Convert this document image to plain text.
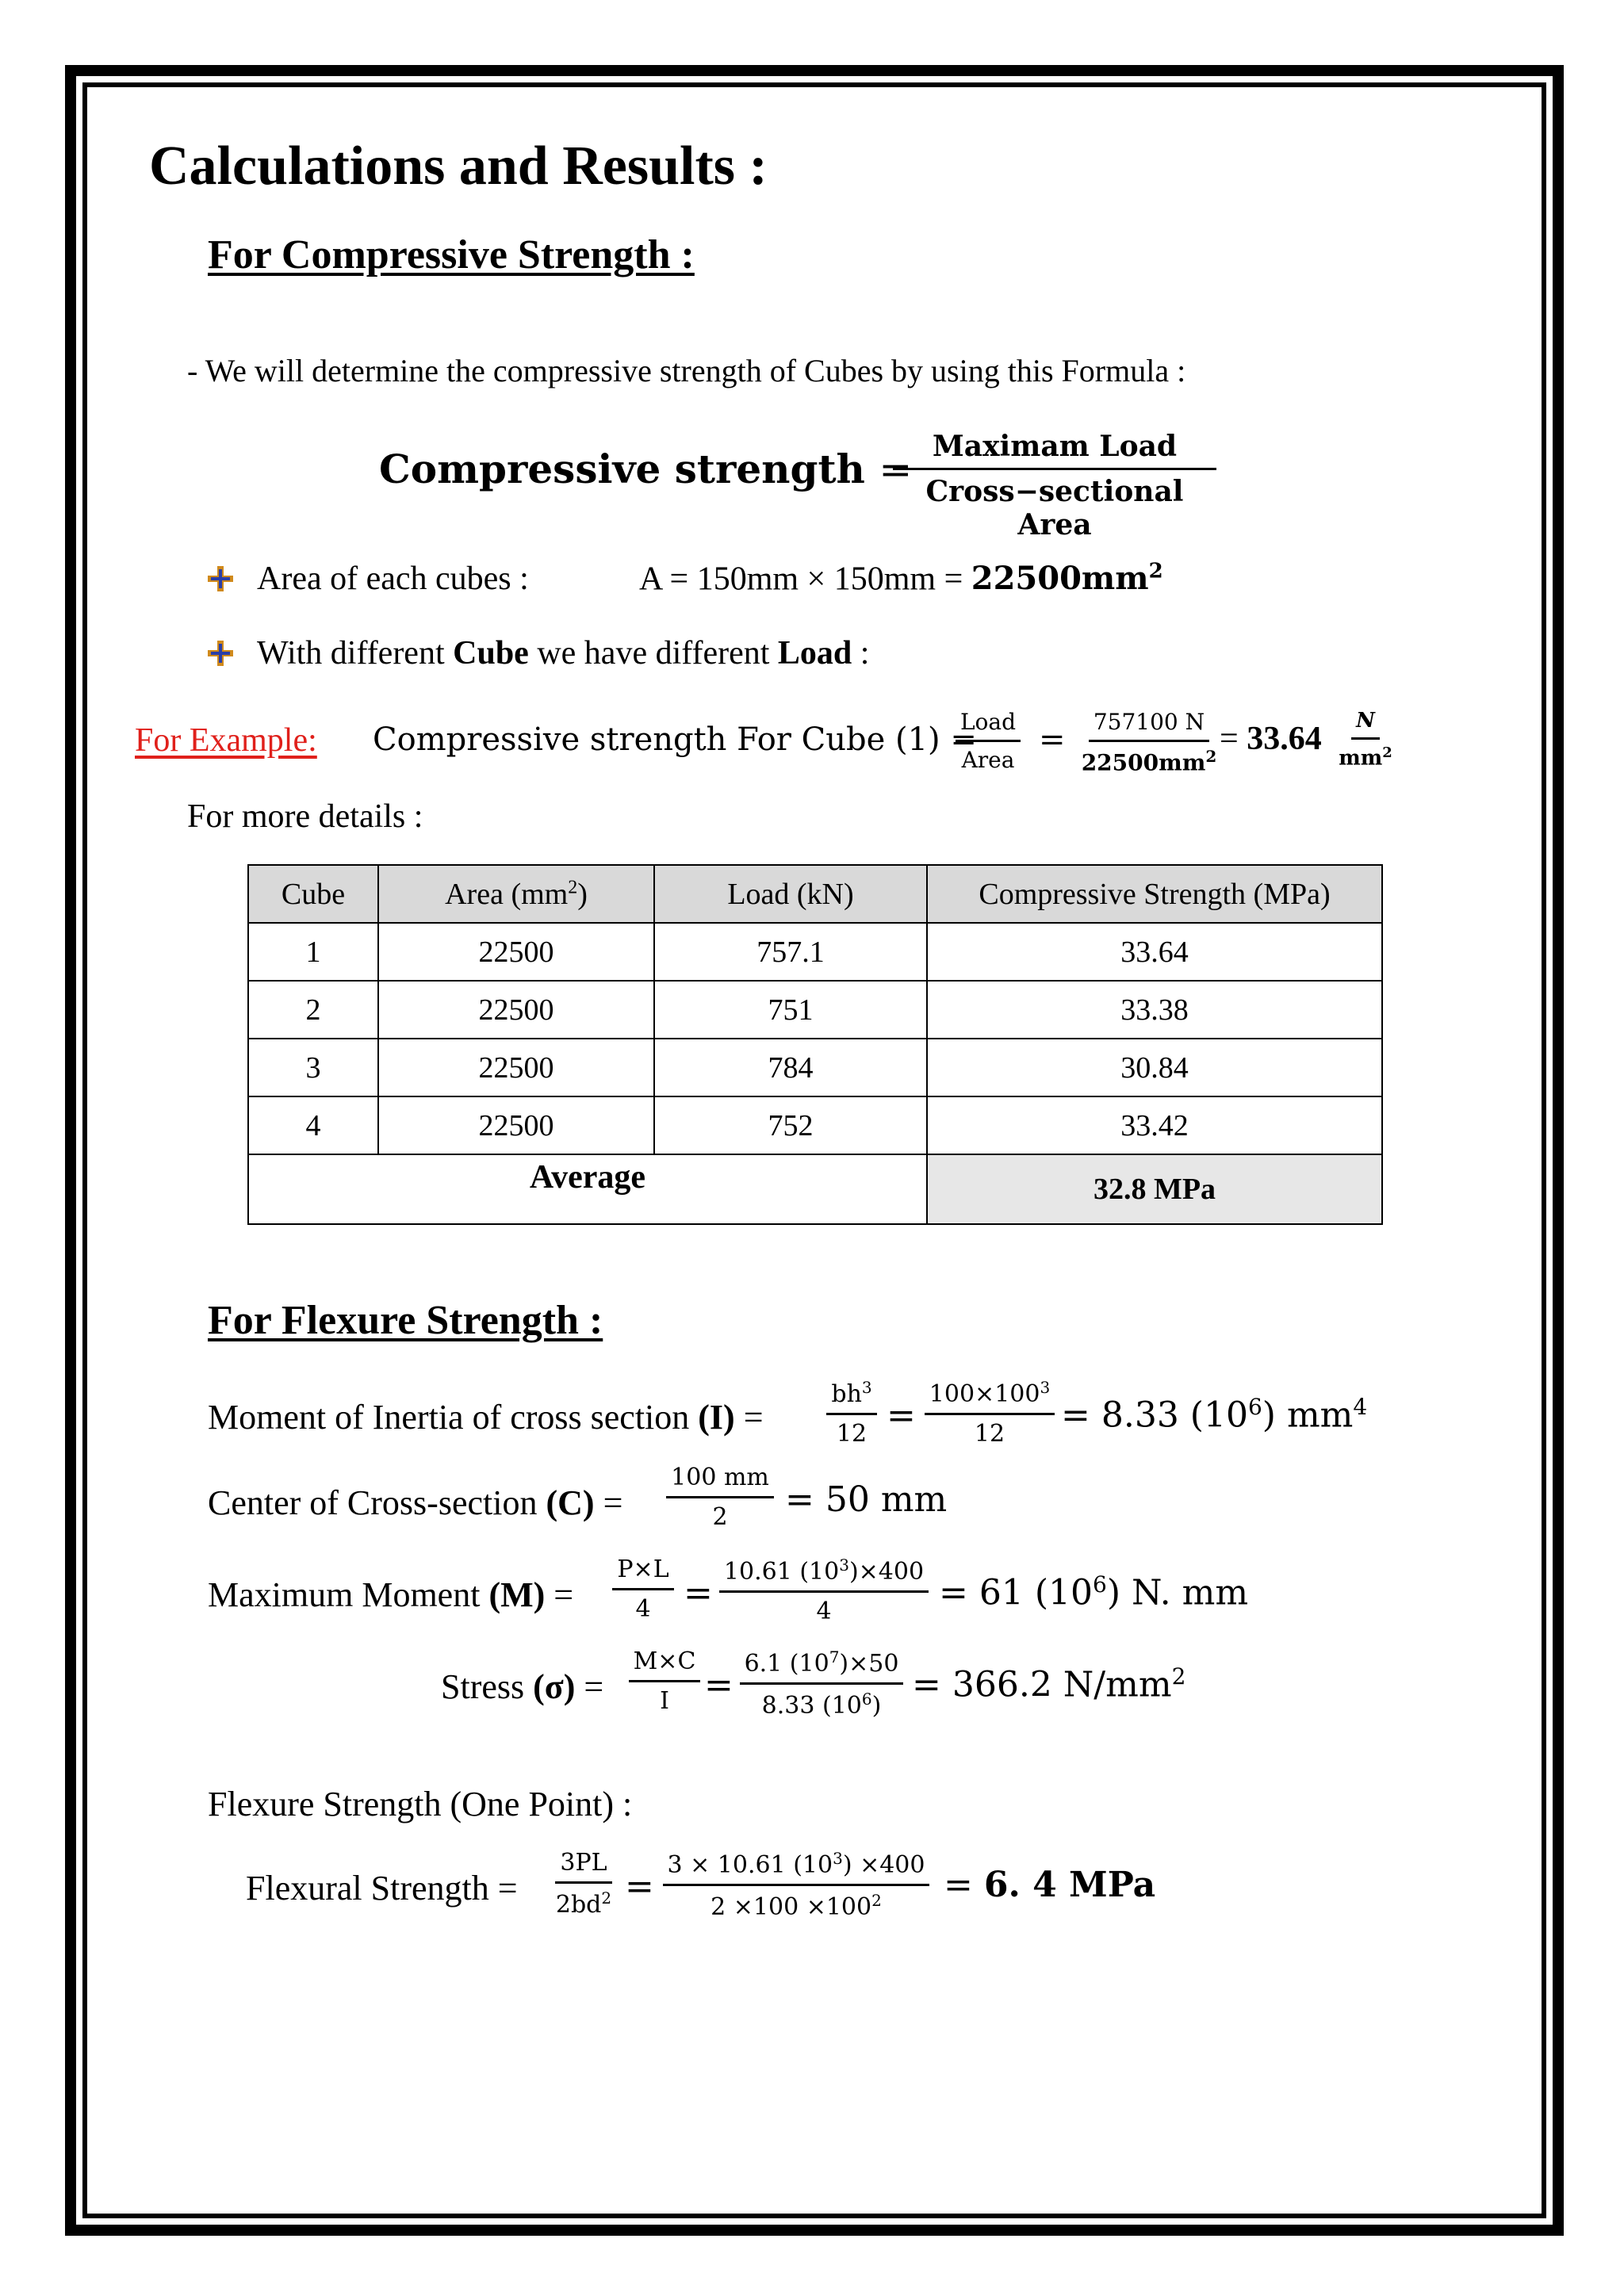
Calculations and Results :
For Compressive Strength :
- We will determine the compressive strength of Cubes by using this Formula :
Compressive strength = Maximam Load
Cross−sectional Area
Area of each cubes :	$A = 150mm \times 150mm = 22500mm^2$
With different Cube we have different Load :
For Example: Compressive strength For Cube (1) =
Load
Area
= $\frac{757100 N}{22500mm^2} = 33.64 \frac{N}{mm^2}$
For more details :
Cube	Area $(mm^2)$	Load (kN)	Compressive Strength (MPa)
1	22500	757.1	33.64
2	22500	751	33.38
3	22500	784	30.84
4	22500	752	33.42
Average			32.8 MPa
For Flexure Strength :
Moment of Inertia of cross section $(I) = \frac{bh^3}{12} = \frac{100\times 100^3}{12} = 8.33$ $(10^6)$ $mm^4$
Center of Cross-section $(C) = \frac{100 mm}{2} = 50$ mm
Maximum Moment $(M) = \frac{P\times L}{4} = \frac{10.61 (10^3)\times 400}{4} = 61$ $(10^6)$ N. mm
Stress $(\sigma) = \frac{M\times C}{I} = \frac{6.1 (10^7)\times 50}{8.33 (10^6)} = 366.2$ $N/mm^2$
Flexure Strength (One Point) :
Flexural Strength = $\frac{3PL}{2bd^2} = \frac{3 \times 10.61 (10^3) \times 400}{2 \times 100 \times 100^2} = 6$. 4 MPa
